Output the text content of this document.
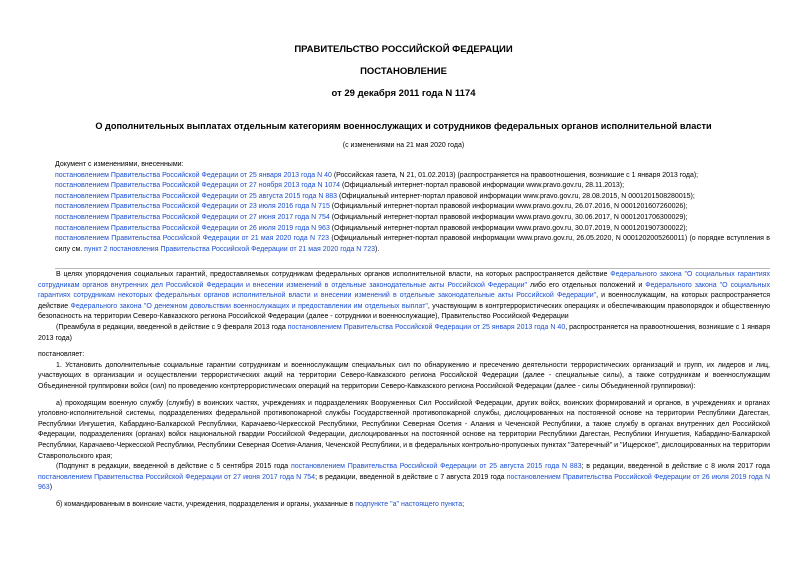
ПРАВИТЕЛЬСТВО РОССИЙСКОЙ ФЕДЕРАЦИИ
ПОСТАНОВЛЕНИЕ
от 29 декабря 2011 года N 1174
О дополнительных выплатах отдельным категориям военнослужащих и сотрудников федеральных органов исполнительной власти
(с изменениями на 21 мая 2020 года)
Документ с изменениями, внесенными:
постановлением Правительства Российской Федерации от 25 января 2013 года N 40 (Российская газета, N 21, 01.02.2013) (распространяется на правоотношения, возникшие с 1 января 2013 года);
постановлением Правительства Российской Федерации от 27 ноября 2013 года N 1074 (Официальный интернет-портал правовой информации www.pravo.gov.ru, 28.11.2013);
постановлением Правительства Российской Федерации от 25 августа 2015 года N 883 (Официальный интернет-портал правовой информации www.pravo.gov.ru, 28.08.2015, N 0001201508280015);
постановлением Правительства Российской Федерации от 23 июля 2016 года N 715 (Официальный интернет-портал правовой информации www.pravo.gov.ru, 26.07.2016, N 0001201607260026);
постановлением Правительства Российской Федерации от 27 июня 2017 года N 754 (Официальный интернет-портал правовой информации www.pravo.gov.ru, 30.06.2017, N 0001201706300029);
постановлением Правительства Российской Федерации от 26 июля 2019 года N 963 (Официальный интернет-портал правовой информации www.pravo.gov.ru, 30.07.2019, N 0001201907300022);
постановлением Правительства Российской Федерации от 21 мая 2020 года N 723 (Официальный интернет-портал правовой информации www.pravo.gov.ru, 26.05.2020, N 0001202005260011) (о порядке вступления в силу см. пункт 2 постановления Правительства Российской Федерации от 21 мая 2020 года N 723).

В целях упорядочения социальных гарантий, предоставляемых сотрудникам федеральных органов исполнительной власти, на которых распространяется действие Федерального закона "О социальных гарантиях сотрудникам органов внутренних дел Российской Федерации и внесении изменений в отдельные законодательные акты Российской Федерации" либо его отдельных положений и Федерального закона "О социальных гарантиях сотрудникам некоторых федеральных органов исполнительной власти и внесении изменений в отдельные законодательные акты Российской Федерации", и военнослужащим, на которых распространяется действие Федерального закона "О денежном довольствии военнослужащих и предоставлении им отдельных выплат", участвующим в контртеррористических операциях и обеспечивающим правопорядок и общественную безопасность на территории Северо-Кавказского региона Российской Федерации (далее - сотрудники и военнослужащие), Правительство Российской Федерации

(Преамбула в редакции, введенной в действие с 9 февраля 2013 года постановлением Правительства Российской Федерации от 25 января 2013 года N 40, распространяется на правоотношения, возникшие с 1 января 2013 года)

постановляет:

1. Установить дополнительные социальные гарантии сотрудникам и военнослужащим специальных сил по обнаружению и пресечению деятельности террористических организаций и групп, их лидеров и лиц, участвующих в организации и осуществлении террористических акций на территории Северо-Кавказского региона Российской Федерации (далее - специальные силы), а также сотрудникам и военнослужащим Объединенной группировки войск (сил) по проведению контртеррористических операций на территории Северо-Кавказского региона Российской Федерации (далее - силы Объединенной группировки):

а) проходящим военную службу (службу) в воинских частях, учреждениях и подразделениях Вооруженных Сил Российской Федерации, других войск, воинских формирований и органов, в учреждениях и органах уголовно-исполнительной системы, подразделениях федеральной противопожарной службы Государственной противопожарной службы, дислоцированных на постоянной основе на территории Республики Дагестан, Республики Ингушетия, Кабардино-Балкарской Республики, Карачаево-Черкесской Республики, Республики Северная Осетия - Алания и Чеченской Республики, а также службу в органах внутренних дел Российской Федерации, подразделениях (органах) войск национальной гвардии Российской Федерации, дислоцированных на постоянной основе на территории Республики Дагестан, Республики Ингушетия, Кабардино-Балкарской Республики, Карачаево-Черкесской Республики, Республики Северная Осетия-Алания, Чеченской Республики, и в федеральных контрольно-пропускных пунктах "Затеречный" и "Ищерское", дислоцированных на территории Ставропольского края;

(Подпункт в редакции, введенной в действие с 5 сентября 2015 года постановлением Правительства Российской Федерации от 25 августа 2015 года N 883; в редакции, введенной в действие с 8 июля 2017 года постановлением Правительства Российской Федерации от 27 июня 2017 года N 754; в редакции, введенной в действие с 7 августа 2019 года постановлением Правительства Российской Федерации от 26 июля 2019 года N 963)

б) командированным в воинские части, учреждения, подразделения и органы, указанные в подпункте "а" настоящего пункта;
